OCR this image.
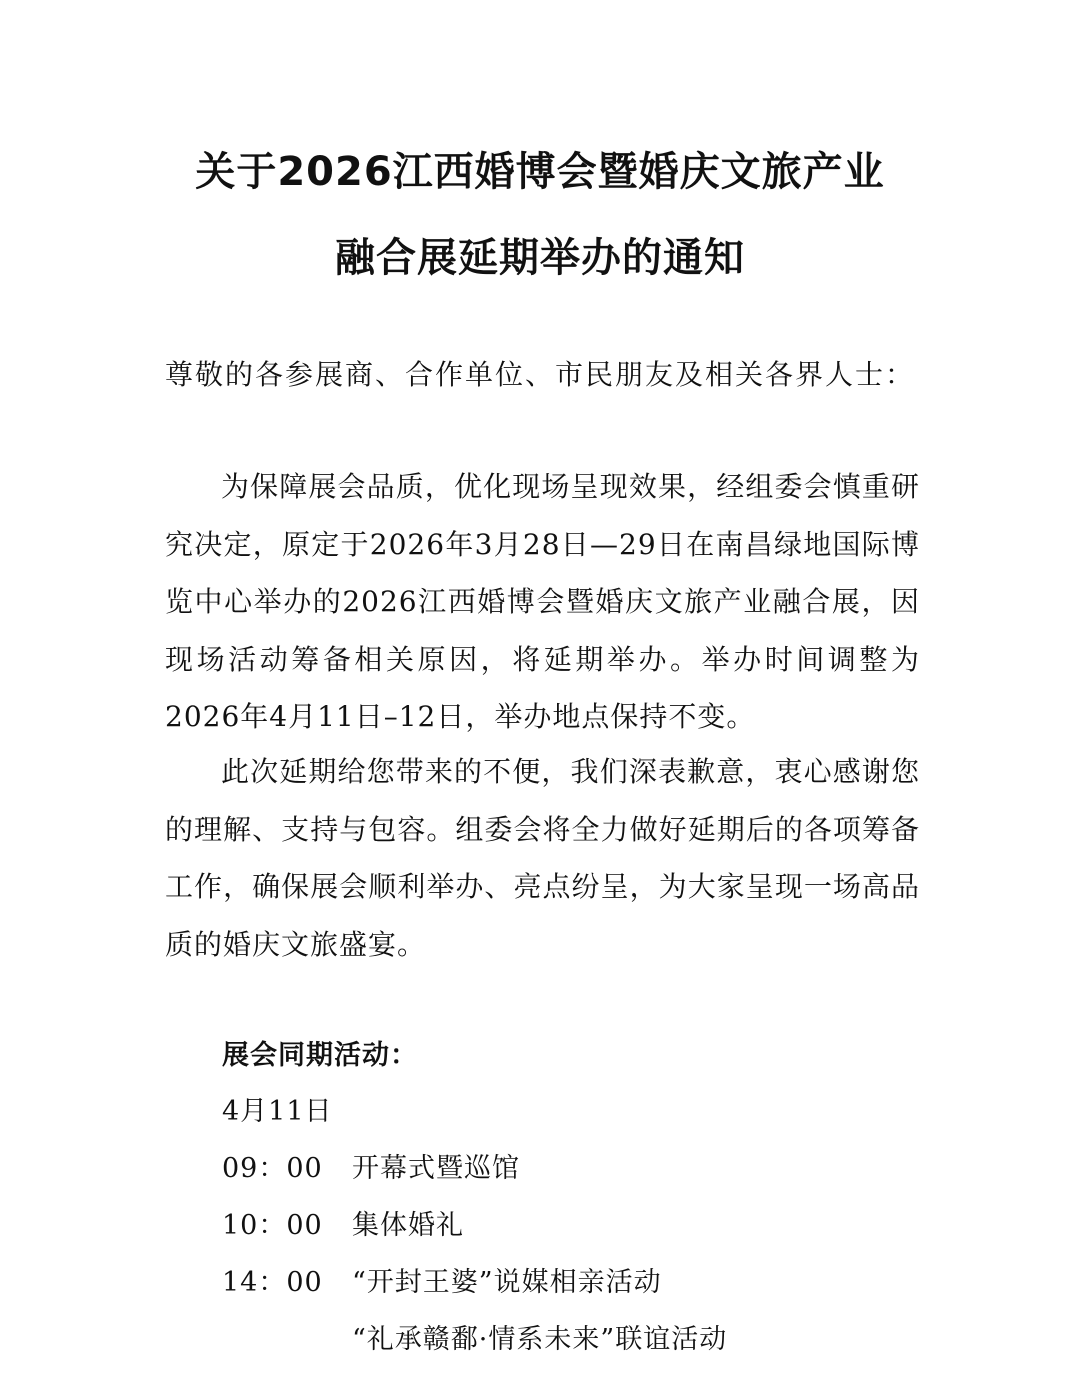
关于2026江西婚博会暨婚庆文旅产业
融合展延期举办的通知

尊敬的各参展商、合作单位、市民朋友及相关各界人士：

为保障展会品质，优化现场呈现效果，经组委会慎重研究决定，原定于2026年3月28日—29日在南昌绿地国际博览中心举办的2026江西婚博会暨婚庆文旅产业融合展，因现场活动筹备相关原因，将延期举办。举办时间调整为2026年4月11日–12日，举办地点保持不变。

此次延期给您带来的不便，我们深表歉意，衷心感谢您的理解、支持与包容。组委会将全力做好延期后的各项筹备工作，确保展会顺利举办、亮点纷呈，为大家呈现一场高品质的婚庆文旅盛宴。

展会同期活动：

4月11日

09：00	开幕式暨巡馆
10：00	集体婚礼
14：00	“开封王婆”说媒相亲活动
“礼承赣鄱·情系未来”联谊活动
